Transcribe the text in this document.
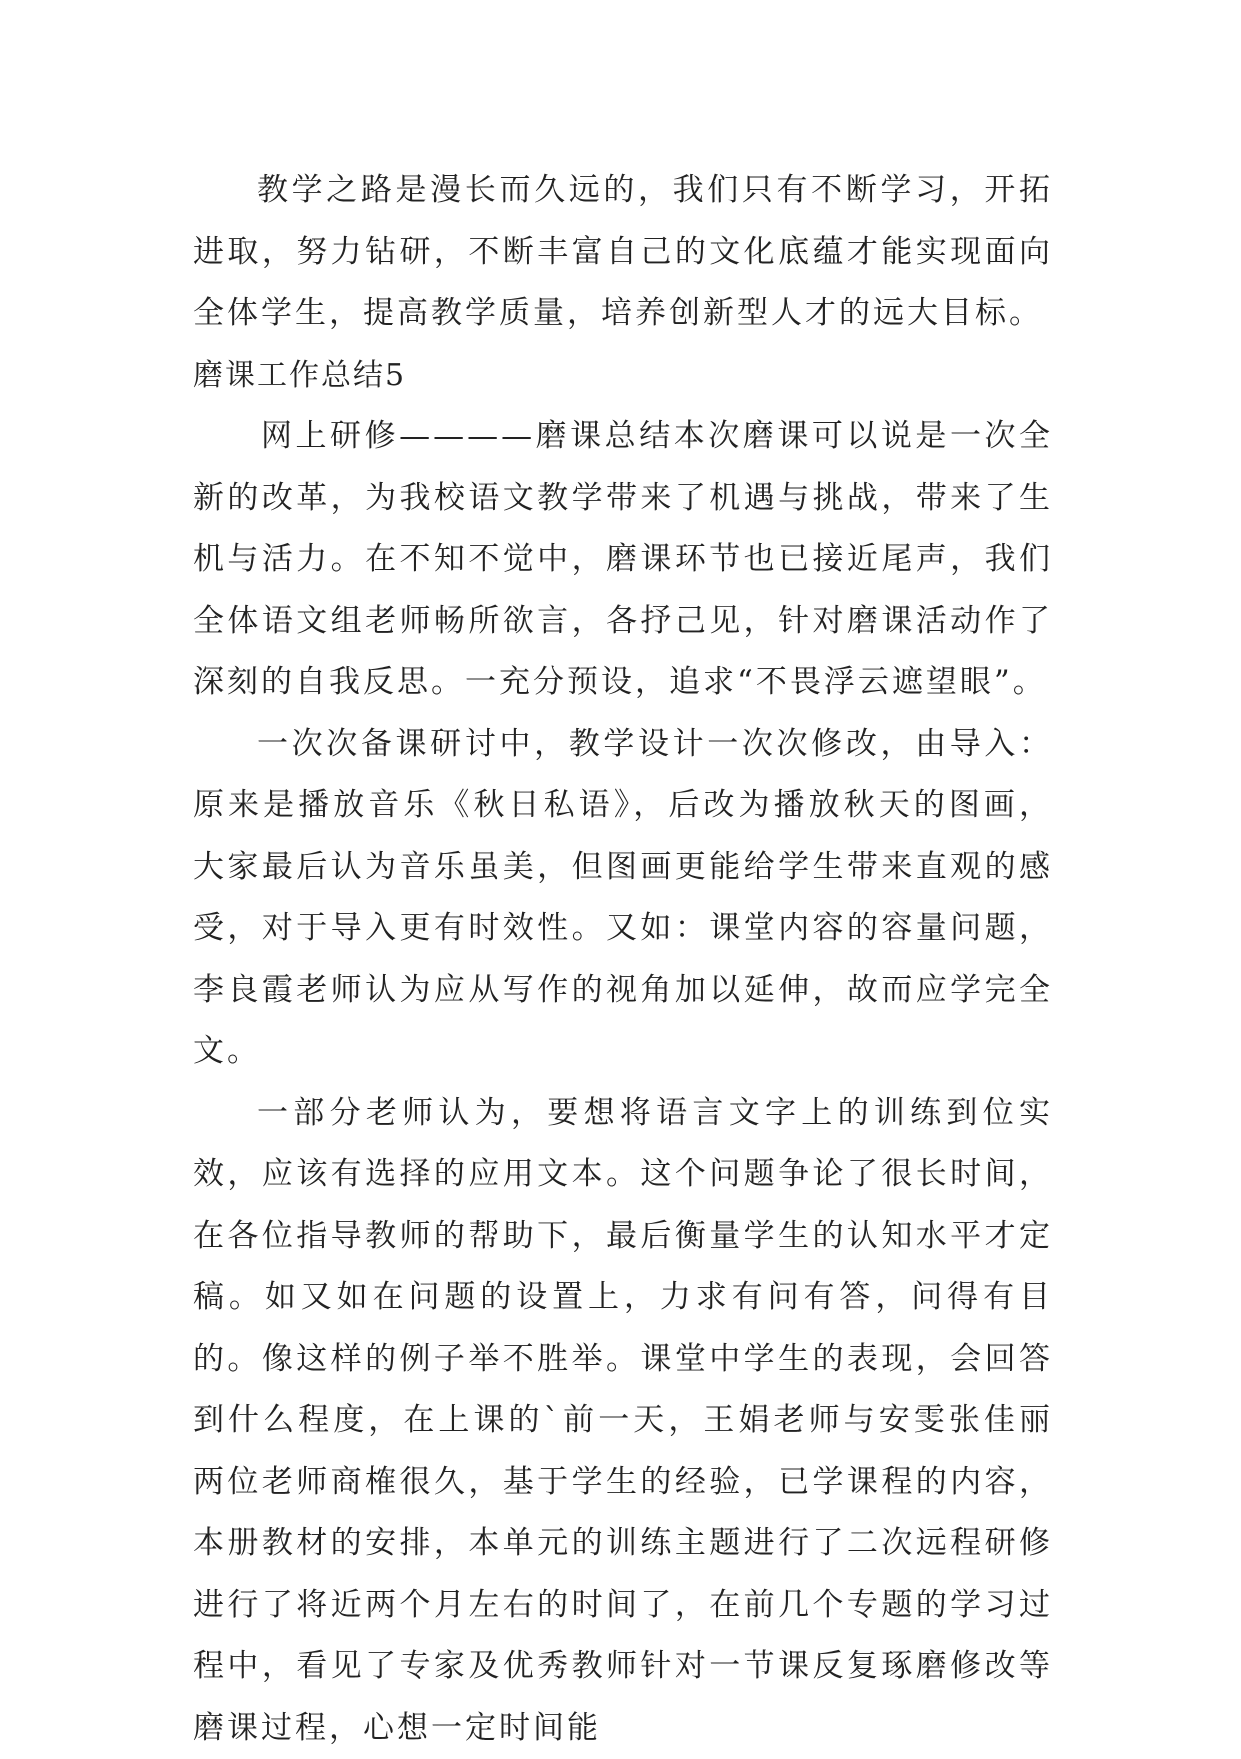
教学之路是漫长而久远的，我们只有不断学习，开拓进取，努力钻研，不断丰富自己的文化底蕴才能实现面向全体学生，提高教学质量，培养创新型人才的远大目标。

磨课工作总结5

网上研修————磨课总结本次磨课可以说是一次全新的改革，为我校语文教学带来了机遇与挑战，带来了生机与活力。在不知不觉中，磨课环节也已接近尾声，我们全体语文组老师畅所欲言，各抒己见，针对磨课活动作了深刻的自我反思。一充分预设，追求“不畏浮云遮望眼”。

一次次备课研讨中，教学设计一次次修改，由导入：原来是播放音乐《秋日私语》，后改为播放秋天的图画，大家最后认为音乐虽美，但图画更能给学生带来直观的感受，对于导入更有时效性。又如：课堂内容的容量问题，李良霞老师认为应从写作的视角加以延伸，故而应学完全文。

一部分老师认为，要想将语言文字上的训练到位实效，应该有选择的应用文本。这个问题争论了很长时间，在各位指导教师的帮助下，最后衡量学生的认知水平才定稿。如又如在问题的设置上，力求有问有答，问得有目的。像这样的例子举不胜举。课堂中学生的表现，会回答到什么程度，在上课的`前一天，王娟老师与安雯张佳丽两位老师商榷很久，基于学生的经验，已学课程的内容，本册教材的安排，本单元的训练主题进行了二次远程研修进行了将近两个月左右的时间了，在前几个专题的学习过程中，看见了专家及优秀教师针对一节课反复琢磨修改等磨课过程，心想一定时间能
